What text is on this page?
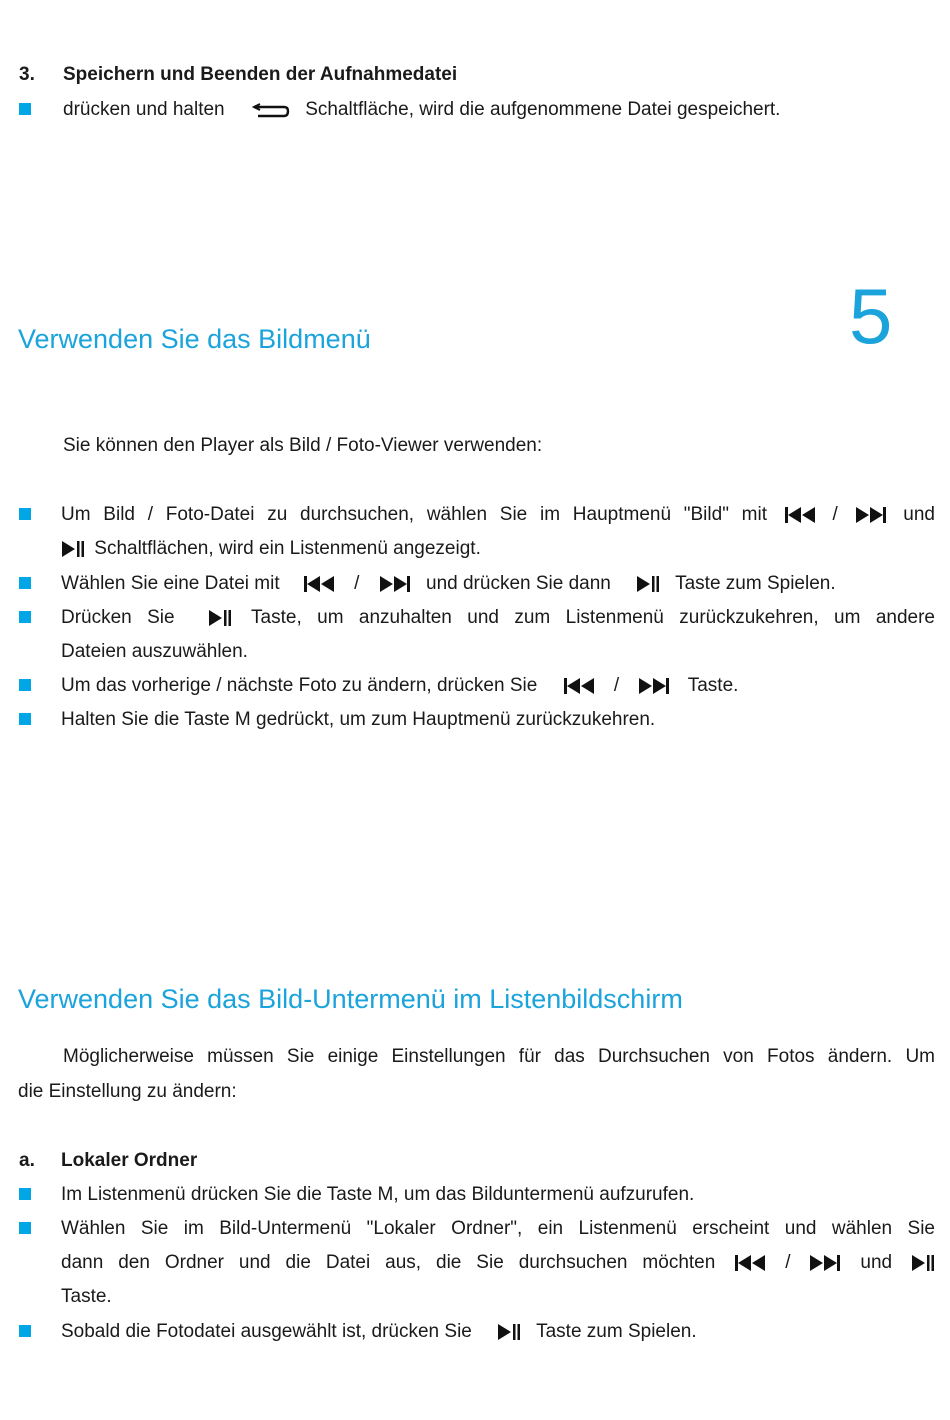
3. Speichern und Beenden der Aufnahmedatei
drücken und halten	Schaltfläche, wird die aufgenommene Datei gespeichert.
Verwenden Sie das Bildmenü	5
Sie können den Player als Bild / Foto-Viewer verwenden:
Um Bild / Foto-Datei zu durchsuchen, wählen Sie im Hauptmenü "Bild" mit	/	und
Schaltflächen, wird ein Listenmenü angezeigt.
Wählen Sie eine Datei mit	/	und drücken Sie dann	Taste zum Spielen.
Drücken Sie	Taste, um anzuhalten und zum Listenmenü zurückzukehren, um andere
Dateien auszuwählen.
Um das vorherige / nächste Foto zu ändern, drücken Sie	/	Taste.
Halten Sie die Taste M gedrückt, um zum Hauptmenü zurückzukehren.
Verwenden Sie das Bild-Untermenü im Listenbildschirm
Möglicherweise müssen Sie einige Einstellungen für das Durchsuchen von Fotos ändern. Um
die Einstellung zu ändern:
a. Lokaler Ordner
Im Listenmenü drücken Sie die Taste M, um das Bilduntermenü aufzurufen.
Wählen Sie im Bild-Untermenü "Lokaler Ordner", ein Listenmenü erscheint und wählen Sie
dann den Ordner und die Datei aus, die Sie durchsuchen möchten	/	und
Taste.
Sobald die Fotodatei ausgewählt ist, drücken Sie	Taste zum Spielen.
